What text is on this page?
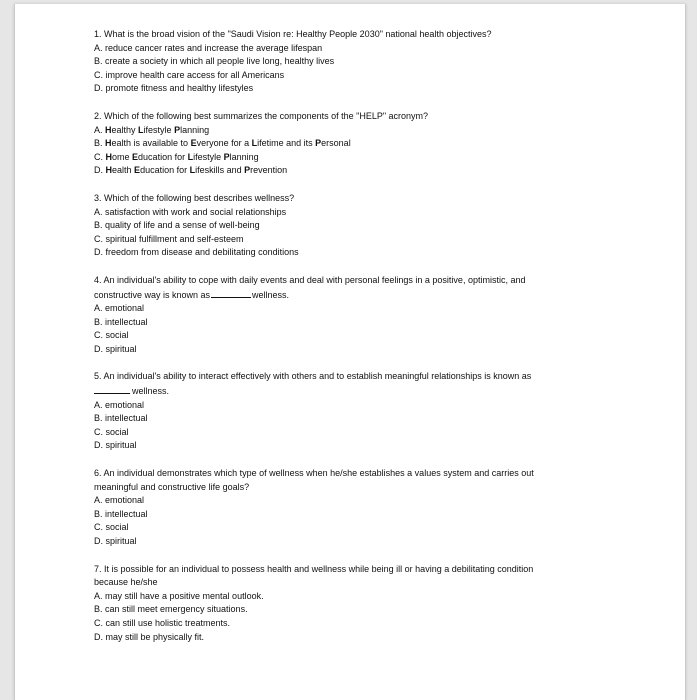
1. What is the broad vision of the "Saudi Vision re: Healthy People 2030" national health objectives?
A. reduce cancer rates and increase the average lifespan
B. create a society in which all people live long, healthy lives
C. improve health care access for all Americans
D. promote fitness and healthy lifestyles
2. Which of the following best summarizes the components of the "HELP" acronym?
A. Healthy Lifestyle Planning
B. Health is available to Everyone for a Lifetime and its Personal
C. Home Education for Lifestyle Planning
D. Health Education for Lifeskills and Prevention
3. Which of the following best describes wellness?
A. satisfaction with work and social relationships
B. quality of life and a sense of well-being
C. spiritual fulfillment and self-esteem
D. freedom from disease and debilitating conditions
4. An individual's ability to cope with daily events and deal with personal feelings in a positive, optimistic, and
constructive way is known as	wellness.
A. emotional
B. intellectual
C. social
D. spiritual
5. An individual's ability to interact effectively with others and to establish meaningful relationships is known as
wellness.
A. emotional
B. intellectual
C. social
D. spiritual
6. An individual demonstrates which type of wellness when he/she establishes a values system and carries out
meaningful and constructive life goals?
A. emotional
B. intellectual
C. social
D. spiritual
7. It is possible for an individual to possess health and wellness while being ill or having a debilitating condition
because he/she
A. may still have a positive mental outlook.
B. can still meet emergency situations.
C. can still use holistic treatments.
D. may still be physically fit.
